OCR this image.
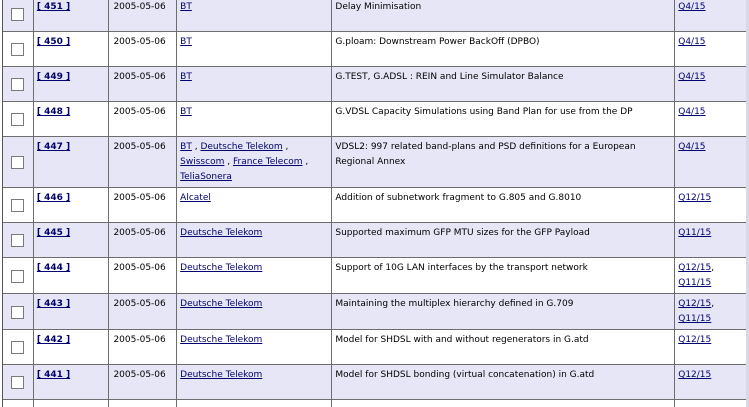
	[ 451 ]	2005-05-06	BT	Delay Minimisation	Q4/15
	[ 450 ]	2005-05-06	BT	G.ploam: Downstream Power BackOff (DPBO)	Q4/15
	[ 449 ]	2005-05-06	BT	G.TEST, G.ADSL : REIN and Line Simulator Balance	Q4/15
	[ 448 ]	2005-05-06	BT	G.VDSL Capacity Simulations using Band Plan for use from the DP	Q4/15
	[ 447 ]	2005-05-06	BT , Deutsche Telekom , Swisscom , France Telecom , TeliaSonera	VDSL2: 997 related band-plans and PSD definitions for a European Regional Annex	Q4/15
	[ 446 ]	2005-05-06	Alcatel	Addition of subnetwork fragment to G.805 and G.8010	Q12/15
	[ 445 ]	2005-05-06	Deutsche Telekom	Supported maximum GFP MTU sizes for the GFP Payload	Q11/15
	[ 444 ]	2005-05-06	Deutsche Telekom	Support of 10G LAN interfaces by the transport network	Q12/15,
Q11/15
	[ 443 ]	2005-05-06	Deutsche Telekom	Maintaining the multiplex hierarchy defined in G.709	Q12/15,
Q11/15
	[ 442 ]	2005-05-06	Deutsche Telekom	Model for SHDSL with and without regenerators in G.atd	Q12/15
	[ 441 ]	2005-05-06	Deutsche Telekom	Model for SHDSL bonding (virtual concatenation) in G.atd	Q12/15
